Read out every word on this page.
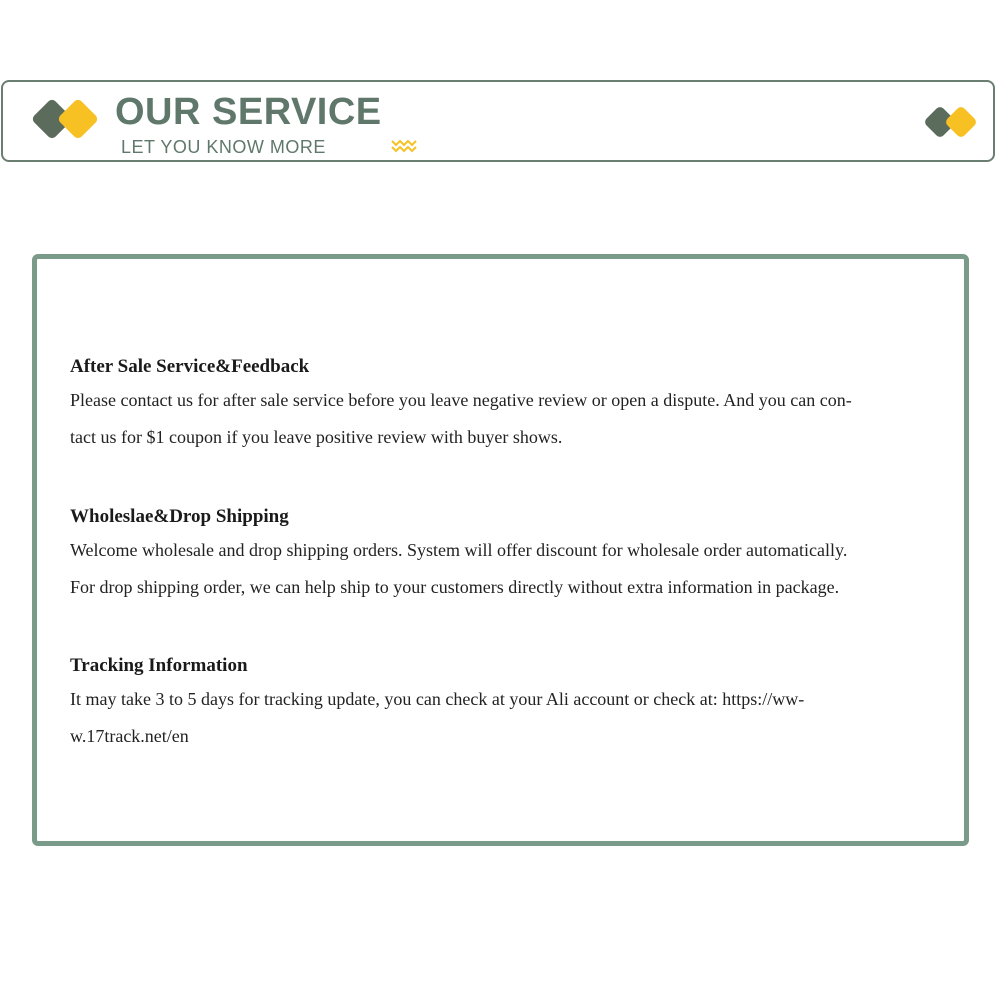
OUR SERVICE
LET YOU KNOW MORE

After Sale Service&Feedback

Please contact us for after sale service before you leave negative review or open a dispute. And you can con-
tact us for $1 coupon if you leave positive review with buyer shows.

Wholeslae&Drop Shipping

Welcome wholesale and drop shipping orders. System will offer discount for wholesale order automatically.
For drop shipping order, we can help ship to your customers directly without extra information in package.

Tracking Information

It may take 3 to 5 days for tracking update, you can check at your Ali account or check at: https://ww-
w.17track.net/en
